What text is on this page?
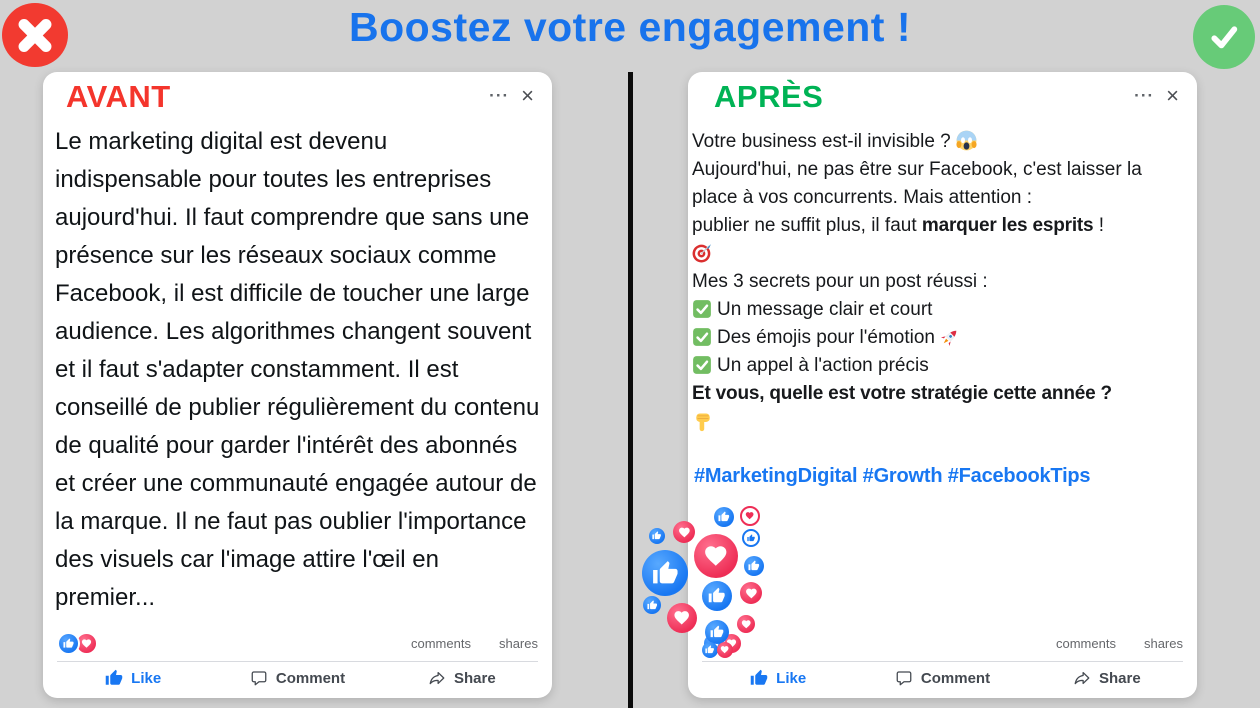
Boostez votre engagement !
AVANT	··· ×
Le marketing digital est devenu indispensable pour toutes les entreprises aujourd'hui. Il faut comprendre que sans une présence sur les réseaux sociaux comme Facebook, il est difficile de toucher une large audience. Les algorithmes changent souvent et il faut s'adapter constamment. Il est conseillé de publier régulièrement du contenu de qualité pour garder l'intérêt des abonnés et créer une communauté engagée autour de la marque. Il ne faut pas oublier l'importance des visuels car l'image attire l'œil en premier...
comments shares
Like	Comment	Share
APRÈS	··· ×
Votre business est-il invisible ?
Aujourd'hui, ne pas être sur Facebook, c'est laisser la place à vos concurrents. Mais attention :
publier ne suffit plus, il faut marquer les esprits !
Mes 3 secrets pour un post réussi :
Un message clair et court
Des émojis pour l'émotion
Un appel à l'action précis
Et vous, quelle est votre stratégie cette année ?
#MarketingDigital #Growth #FacebookTips
comments shares
Like	Comment	Share
